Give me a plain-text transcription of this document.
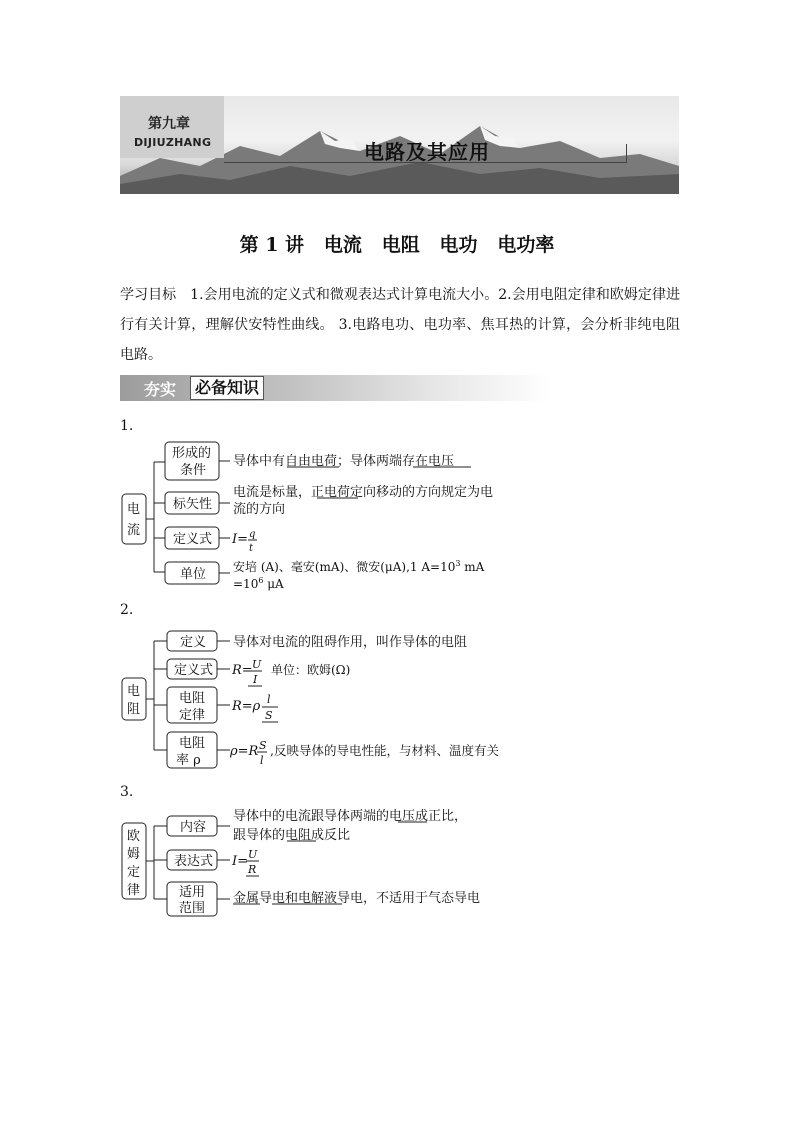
第九章
DIJIUZHANG	电路及其应用
第 1 讲   电流   电阻   电功   电功率
学习目标　1.会用电流的定义式和微观表达式计算电流大小。2.会用电阻定律和欧姆定律进行有关计算，理解伏安特性曲线。 3.电路电功、电功率、焦耳热的计算，会分析非纯电阻电路。
夯实	必备知识
1.
2.
3.
电
流
形成的
条件
导体中有自由电荷；导体两端存在电压
标矢性
电流是标量，正电荷定向移动的方向规定为电
流的方向
定义式 I= q
t
单位 安培 (A)、毫安(mA)、微安(μA),1 $A=10^3$ mA
$=10^6$ μA
电
阻
定义 导体对电流的阻碍作用，叫作导体的电阻
定义式 R= U
I
单位：欧姆(Ω)
电阻
定律
R=ρ l
S
电阻
率 ρ
ρ=R S
l
,反映导体的导电性能，与材料、温度有关
欧
姆
定
律
内容
导体中的电流跟导体两端的电压成正比，
跟导体的电阻成反比
表达式 I= U
R
适用
范围
金属导电和电解液导电，不适用于气态导电
